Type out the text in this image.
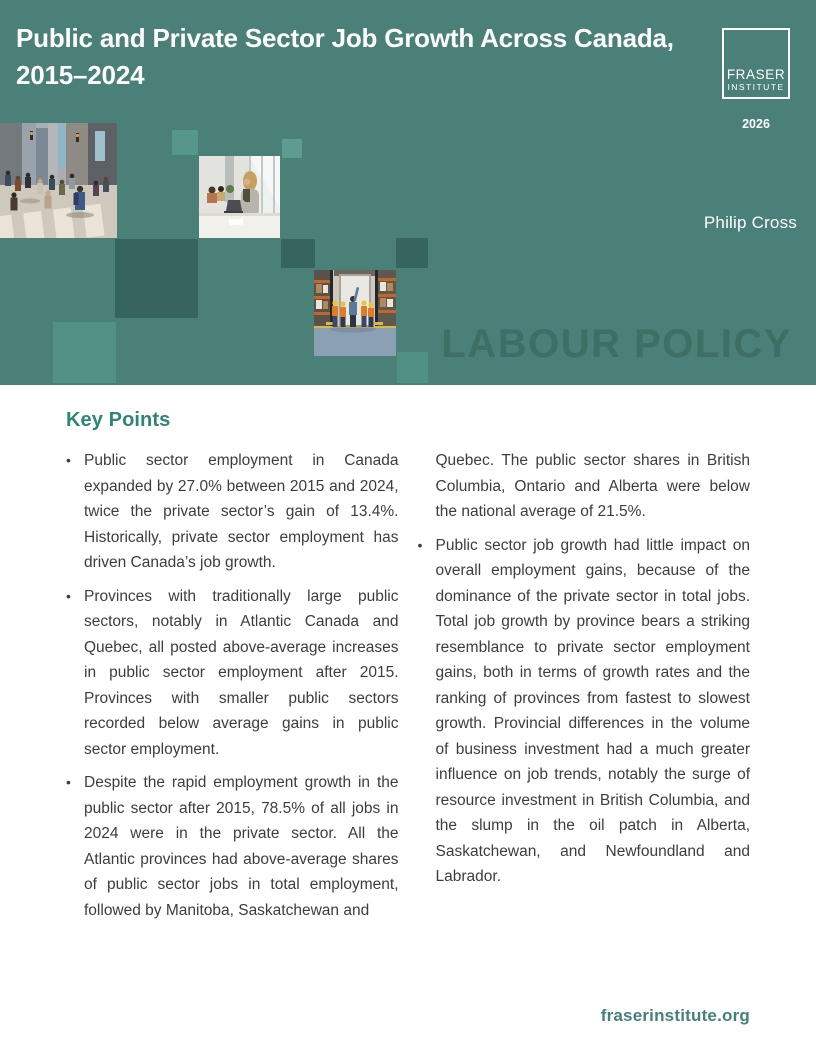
Public and Private Sector Job Growth Across Canada, 2015–2024	FRASER
INSTITUTE
2026
Philip Cross
LABOUR POLICY
Key Points
• Public sector employment in Canada expanded by 27.0% between 2015 and 2024, twice the private sector’s gain of 13.4%. Historically, private sector employment has driven Canada’s job growth.

• Provinces with traditionally large public sectors, notably in Atlantic Canada and Quebec, all posted above-average increases in public sector employment after 2015. Provinces with smaller public sectors recorded below average gains in public sector employment.

• Despite the rapid employment growth in the public sector after 2015, 78.5% of all jobs in 2024 were in the private sector. All the Atlantic provinces had above-average shares of public sector jobs in total employment, followed by Manitoba, Saskatchewan and

Quebec. The public sector shares in British Columbia, Ontario and Alberta were below the national average of 21.5%.

• Public sector job growth had little impact on overall employment gains, because of the dominance of the private sector in total jobs. Total job growth by province bears a striking resemblance to private sector employment gains, both in terms of growth rates and the ranking of provinces from fastest to slowest growth. Provincial differences in the volume of business investment had a much greater influence on job trends, notably the surge of resource investment in British Columbia, and the slump in the oil patch in Alberta, Saskatchewan, and Newfoundland and Labrador.

fraserinstitute.org
